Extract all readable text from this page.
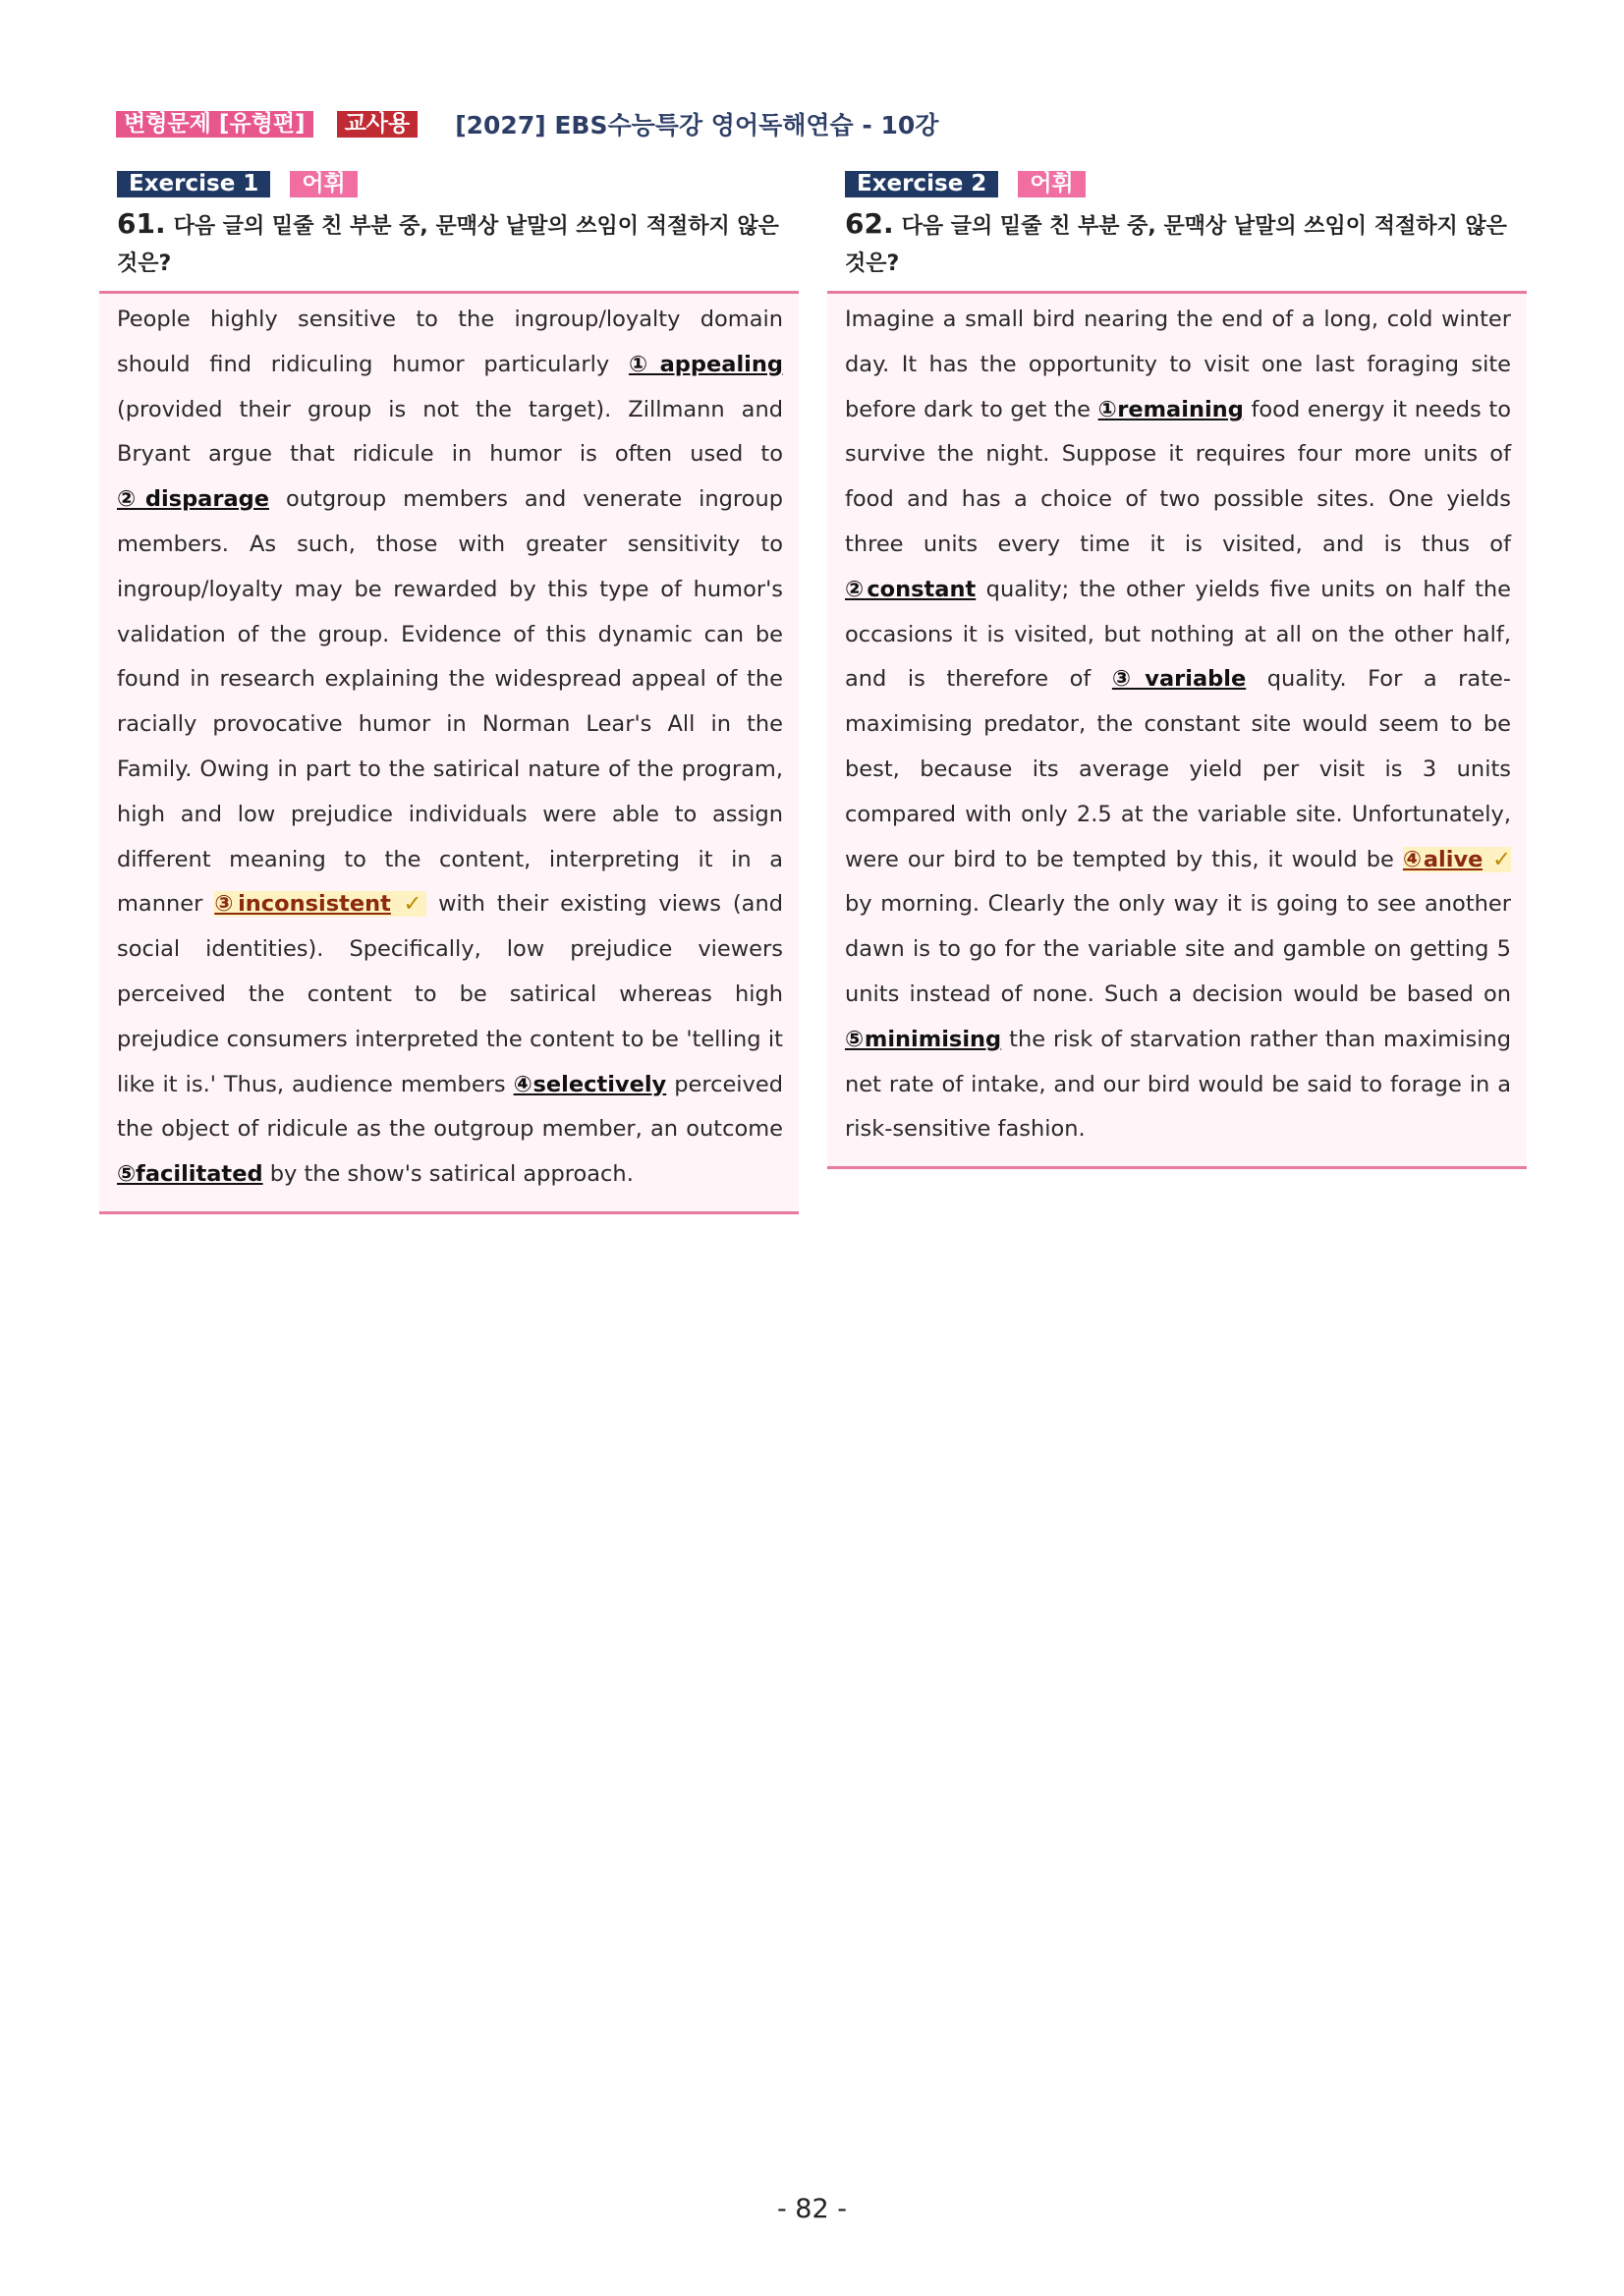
변형문제 [유형편]	교사용	[2027] EBS수능특강 영어독해연습 - 10강
Exercise 1	어휘
61. 다음 글의 밑줄 친 부분 중, 문맥상 낱말의 쓰임이 적절하지 않은 것은?
People highly sensitive to the ingroup/loyalty domain should find ridiculing humor particularly ①appealing (provided their group is not the target). Zillmann and Bryant argue that ridicule in humor is often used to ②disparage outgroup members and venerate ingroup members. As such, those with greater sensitivity to ingroup/loyalty may be rewarded by this type of humor's validation of the group. Evidence of this dynamic can be found in research explaining the widespread appeal of the racially provocative humor in Norman Lear's All in the Family. Owing in part to the satirical nature of the program, high and low prejudice individuals were able to assign different meaning to the content, interpreting it in a manner ③inconsistent ✓ with their existing views (and social identities). Specifically, low prejudice viewers perceived the content to be satirical whereas high prejudice consumers interpreted the content to be 'telling it like it is.' Thus, audience members ④selectively perceived the object of ridicule as the outgroup member, an outcome ⑤facilitated by the show's satirical approach.
Exercise 2	어휘
62. 다음 글의 밑줄 친 부분 중, 문맥상 낱말의 쓰임이 적절하지 않은 것은?
Imagine a small bird nearing the end of a long, cold winter day. It has the opportunity to visit one last foraging site before dark to get the ①remaining food energy it needs to survive the night. Suppose it requires four more units of food and has a choice of two possible sites. One yields three units every time it is visited, and is thus of ②constant quality; the other yields five units on half the occasions it is visited, but nothing at all on the other half, and is therefore of ③variable quality. For a rate-maximising predator, the constant site would seem to be best, because its average yield per visit is 3 units compared with only 2.5 at the variable site. Unfortunately, were our bird to be tempted by this, it would be ④alive ✓ by morning. Clearly the only way it is going to see another dawn is to go for the variable site and gamble on getting 5 units instead of none. Such a decision would be based on ⑤minimising the risk of starvation rather than maximising net rate of intake, and our bird would be said to forage in a risk-sensitive fashion.
- 82 -
